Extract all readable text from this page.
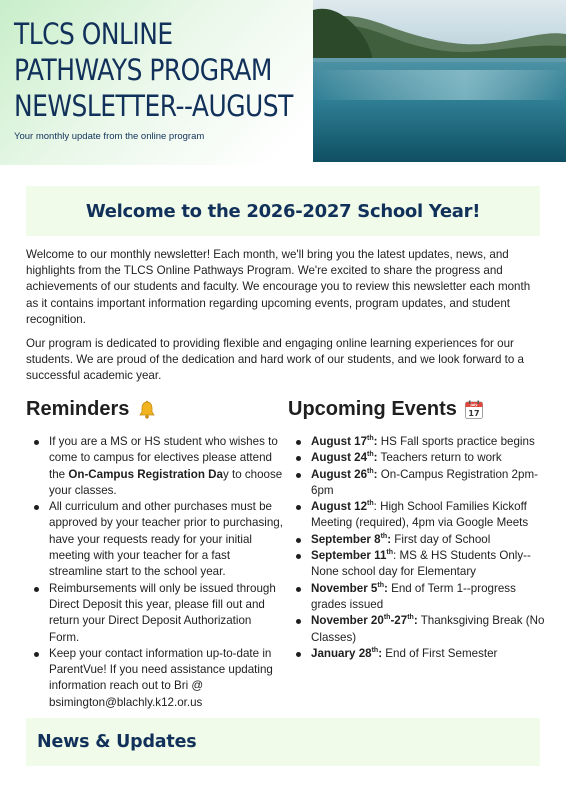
TLCS ONLINE
PATHWAYS PROGRAM
NEWSLETTER--AUGUST
Your monthly update from the online program
Welcome to the 2026-2027 School Year!

Welcome to our monthly newsletter! Each month, we'll bring you the latest updates, news, and highlights from the TLCS Online Pathways Program. We're excited to share the progress and achievements of our students and faculty. We encourage you to review this newsletter each month as it contains important information regarding upcoming events, program updates, and student recognition.

Our program is dedicated to providing flexible and engaging online learning experiences for our students. We are proud of the dedication and hard work of our students, and we look forward to a successful academic year.

Reminders	Upcoming Events	July
17
If you are a MS or HS student who wishes to come to campus for electives please attend the On-Campus Registration Day to choose your classes.
All curriculum and other purchases must be approved by your teacher prior to purchasing, have your requests ready for your initial meeting with your teacher for a fast streamline start to the school year.
Reimbursements will only be issued through Direct Deposit this year, please fill out and return your Direct Deposit Authorization Form.
Keep your contact information up-to-date in ParentVue! If you need assistance updating information reach out to Bri @ bsimington@blachly.k12.or.us
August 17th: HS Fall sports practice begins
August 24th: Teachers return to work
August 26th: On-Campus Registration 2pm-6pm
August 12th: High School Families Kickoff Meeting (required), 4pm via Google Meets
September 8th: First day of School
September 11th: MS & HS Students Only--None school day for Elementary
November 5th: End of Term 1--progress grades issued
November 20th-27th: Thanksgiving Break (No Classes)
January 28th: End of First Semester
News & Updates
